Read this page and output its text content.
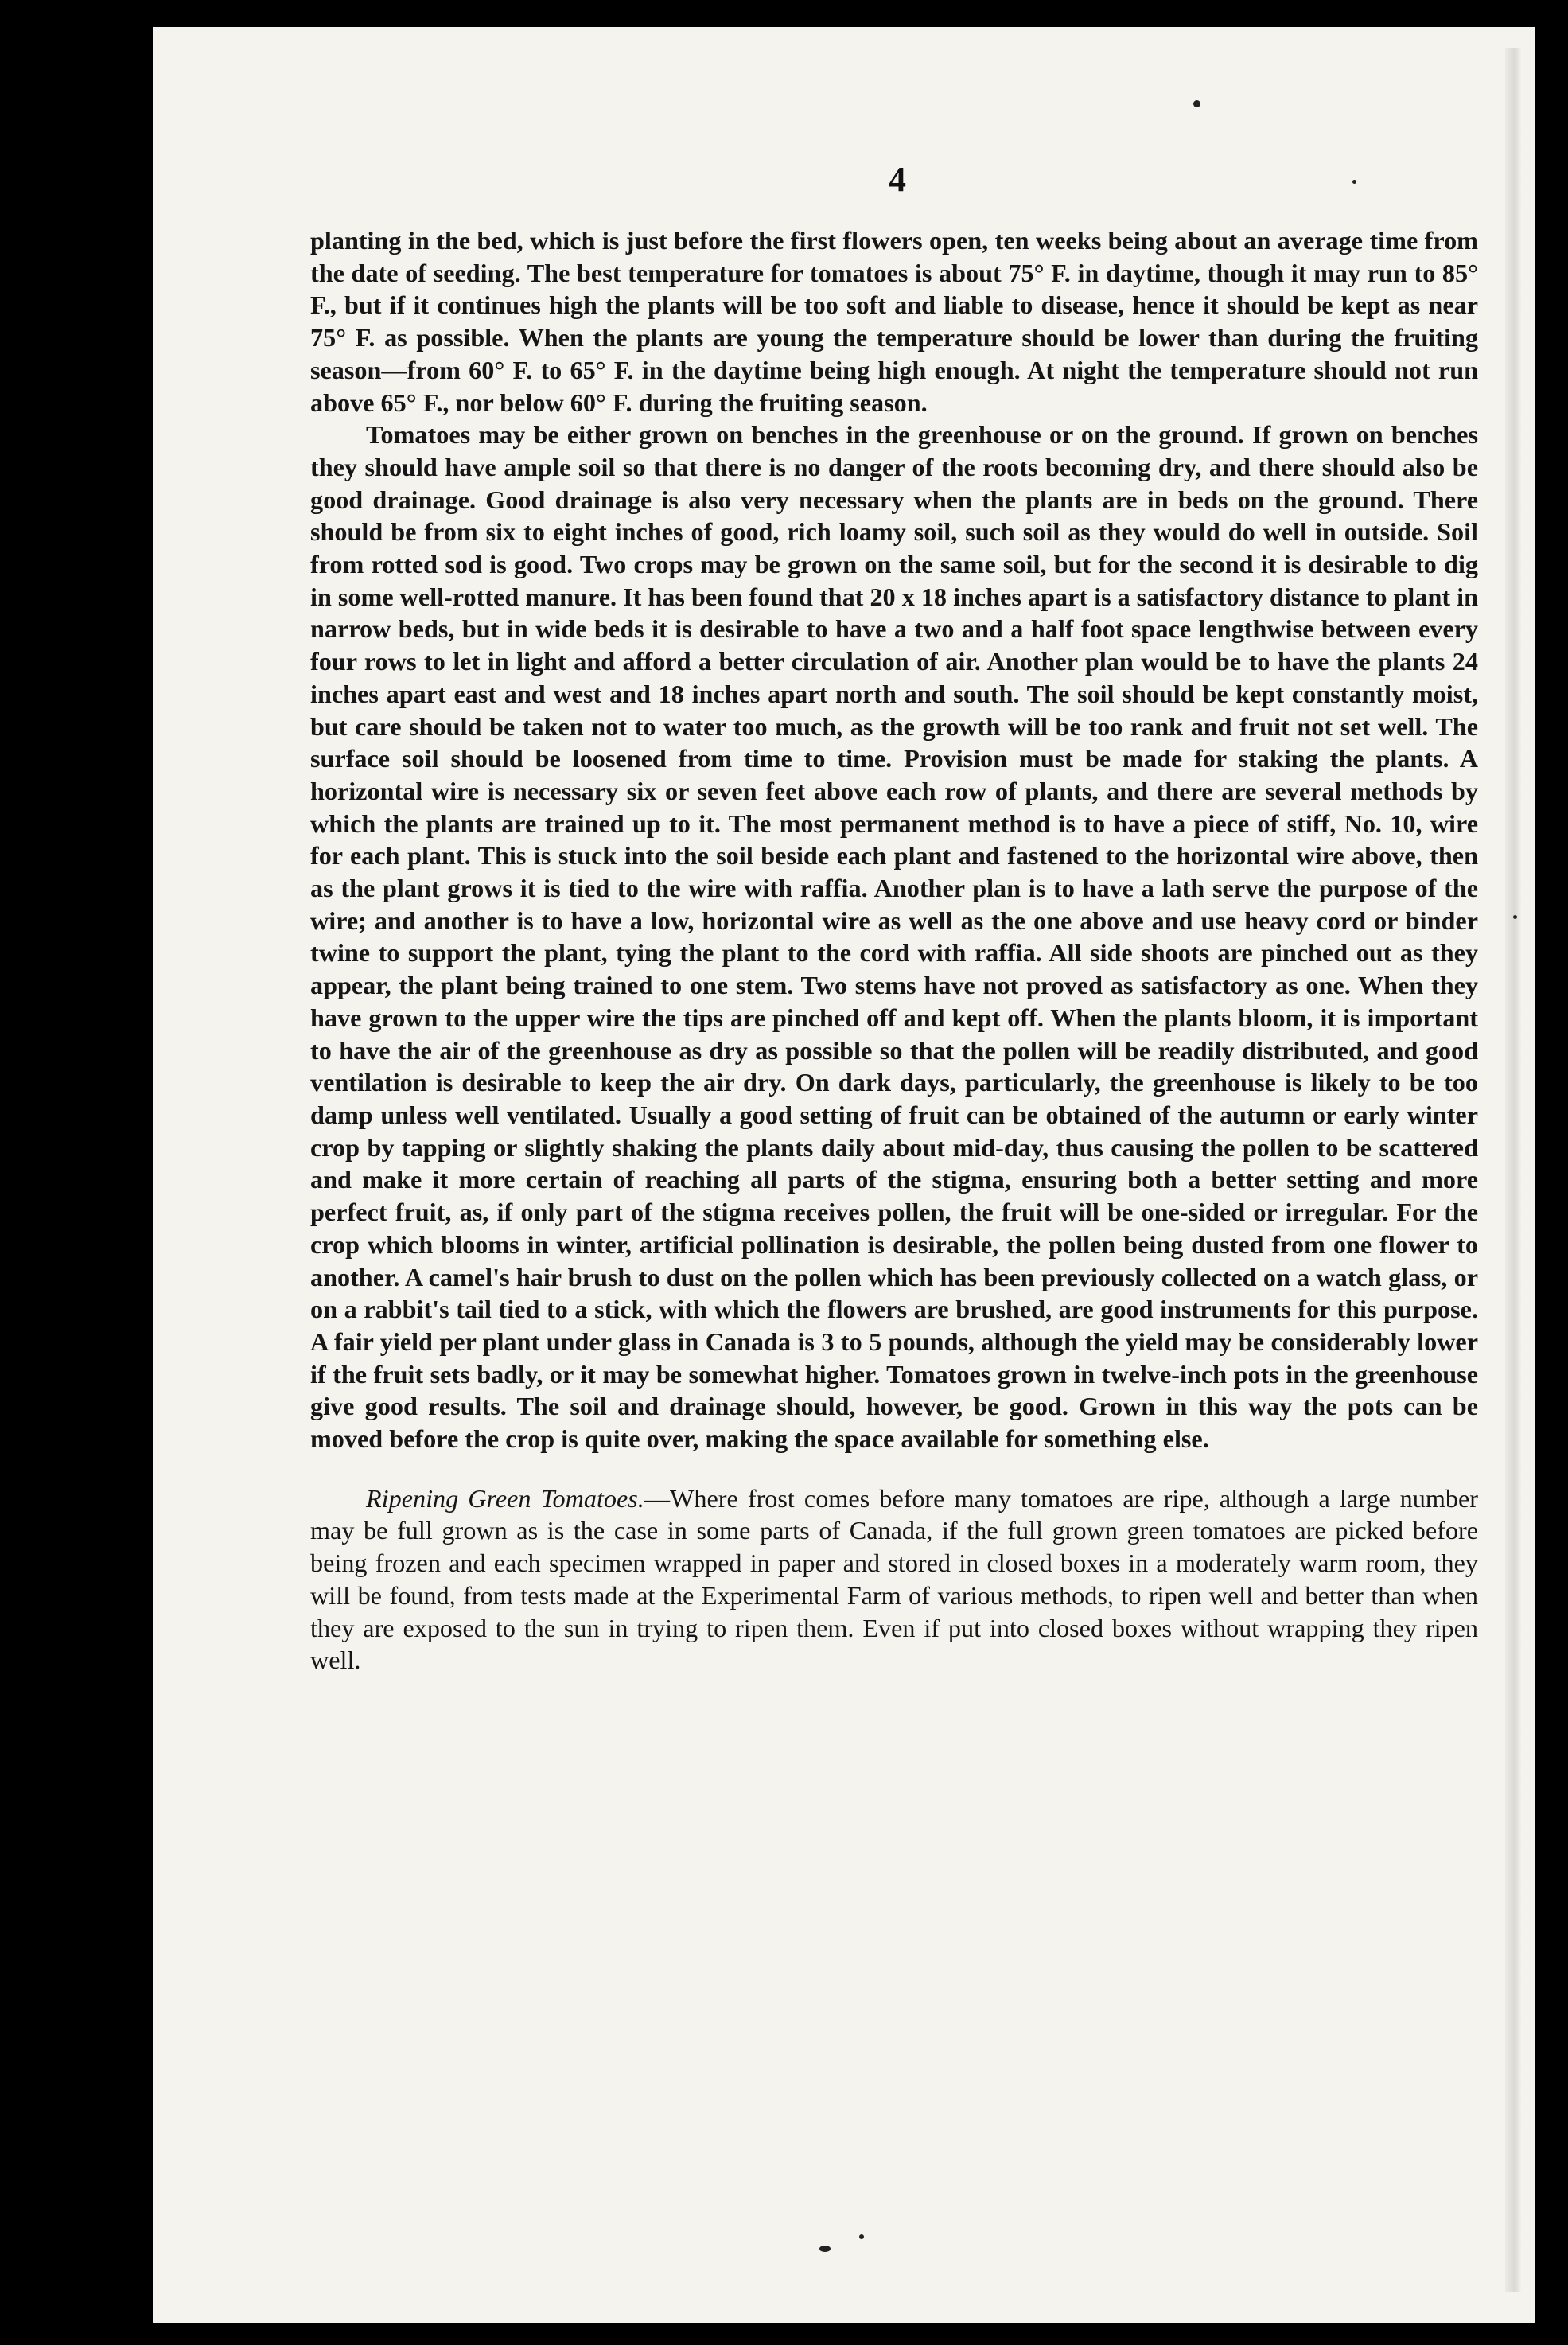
4

planting in the bed, which is just before the first flowers open, ten weeks being about an average time from the date of seeding. The best temperature for tomatoes is about 75° F. in daytime, though it may run to 85° F., but if it continues high the plants will be too soft and liable to disease, hence it should be kept as near 75° F. as possible. When the plants are young the temperature should be lower than during the fruiting season—from 60° F. to 65° F. in the daytime being high enough. At night the temperature should not run above 65° F., nor below 60° F. during the fruiting season.

Tomatoes may be either grown on benches in the greenhouse or on the ground. If grown on benches they should have ample soil so that there is no danger of the roots becoming dry, and there should also be good drainage. Good drainage is also very necessary when the plants are in beds on the ground. There should be from six to eight inches of good, rich loamy soil, such soil as they would do well in outside. Soil from rotted sod is good. Two crops may be grown on the same soil, but for the second it is desirable to dig in some well-rotted manure. It has been found that 20 x 18 inches apart is a satisfactory distance to plant in narrow beds, but in wide beds it is desirable to have a two and a half foot space lengthwise between every four rows to let in light and afford a better circulation of air. Another plan would be to have the plants 24 inches apart east and west and 18 inches apart north and south. The soil should be kept constantly moist, but care should be taken not to water too much, as the growth will be too rank and fruit not set well. The surface soil should be loosened from time to time. Provision must be made for staking the plants. A horizontal wire is necessary six or seven feet above each row of plants, and there are several methods by which the plants are trained up to it. The most permanent method is to have a piece of stiff, No. 10, wire for each plant. This is stuck into the soil beside each plant and fastened to the horizontal wire above, then as the plant grows it is tied to the wire with raffia. Another plan is to have a lath serve the purpose of the wire; and another is to have a low, horizontal wire as well as the one above and use heavy cord or binder twine to support the plant, tying the plant to the cord with raffia. All side shoots are pinched out as they appear, the plant being trained to one stem. Two stems have not proved as satisfactory as one. When they have grown to the upper wire the tips are pinched off and kept off. When the plants bloom, it is important to have the air of the greenhouse as dry as possible so that the pollen will be readily distributed, and good ventilation is desirable to keep the air dry. On dark days, particularly, the greenhouse is likely to be too damp unless well ventilated. Usually a good setting of fruit can be obtained of the autumn or early winter crop by tapping or slightly shaking the plants daily about mid-day, thus causing the pollen to be scattered and make it more certain of reaching all parts of the stigma, ensuring both a better setting and more perfect fruit, as, if only part of the stigma receives pollen, the fruit will be one-sided or irregular. For the crop which blooms in winter, artificial pollination is desirable, the pollen being dusted from one flower to another. A camel's hair brush to dust on the pollen which has been previously collected on a watch glass, or on a rabbit's tail tied to a stick, with which the flowers are brushed, are good instruments for this purpose. A fair yield per plant under glass in Canada is 3 to 5 pounds, although the yield may be considerably lower if the fruit sets badly, or it may be somewhat higher. Tomatoes grown in twelve-inch pots in the greenhouse give good results. The soil and drainage should, however, be good. Grown in this way the pots can be moved before the crop is quite over, making the space available for something else.

Ripening Green Tomatoes.—Where frost comes before many tomatoes are ripe, although a large number may be full grown as is the case in some parts of Canada, if the full grown green tomatoes are picked before being frozen and each specimen wrapped in paper and stored in closed boxes in a moderately warm room, they will be found, from tests made at the Experimental Farm of various methods, to ripen well and better than when they are exposed to the sun in trying to ripen them. Even if put into closed boxes without wrapping they ripen well.
